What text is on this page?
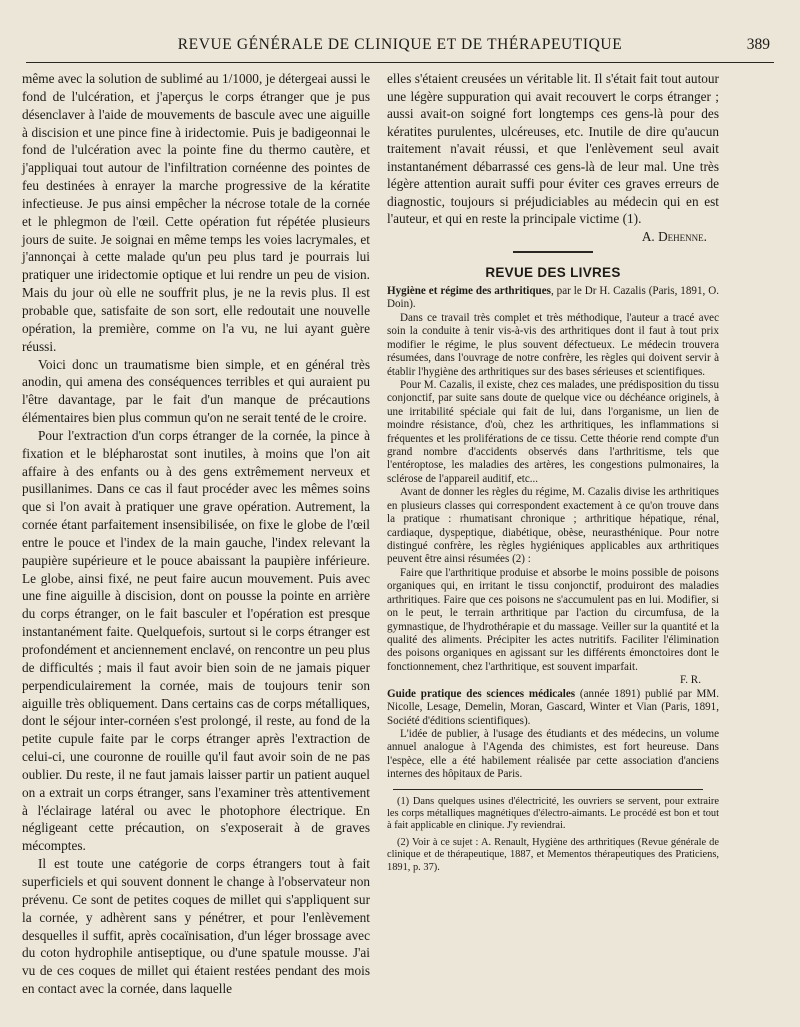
REVUE GÉNÉRALE DE CLINIQUE ET DE THÉRAPEUTIQUE	389

même avec la solution de sublimé au 1/1000, je détergeai aussi le fond de l'ulcération, et j'aperçus le corps étranger que je pus désenclaver à l'aide de mouvements de bascule avec une aiguille à discision et une pince fine à iridectomie. Puis je badigeonnai le fond de l'ulcération avec la pointe fine du thermo cautère, et j'appliquai tout autour de l'infiltration cornéenne des pointes de feu destinées à enrayer la marche progressive de la kératite infectieuse. Je pus ainsi empêcher la nécrose totale de la cornée et le phlegmon de l'œil. Cette opération fut répétée plusieurs jours de suite. Je soignai en même temps les voies lacrymales, et j'annonçai à cette malade qu'un peu plus tard je pourrais lui pratiquer une iridectomie optique et lui rendre un peu de vision. Mais du jour où elle ne souffrit plus, je ne la revis plus. Il est probable que, satisfaite de son sort, elle redoutait une nouvelle opération, la première, comme on l'a vu, ne lui ayant guère réussi.

Voici donc un traumatisme bien simple, et en général très anodin, qui amena des conséquences terribles et qui auraient pu l'être davantage, par le fait d'un manque de précautions élémentaires bien plus commun qu'on ne serait tenté de le croire.

Pour l'extraction d'un corps étranger de la cornée, la pince à fixation et le blépharostat sont inutiles, à moins que l'on ait affaire à des enfants ou à des gens extrêmement nerveux et pusillanimes. Dans ce cas il faut procéder avec les mêmes soins que si l'on avait à pratiquer une grave opération. Autrement, la cornée étant parfaitement insensibilisée, on fixe le globe de l'œil entre le pouce et l'index de la main gauche, l'index relevant la paupière supérieure et le pouce abaissant la paupière inférieure. Le globe, ainsi fixé, ne peut faire aucun mouvement. Puis avec une fine aiguille à discision, dont on pousse la pointe en arrière du corps étranger, on le fait basculer et l'opération est presque instantanément faite. Quelquefois, surtout si le corps étranger est profondément et anciennement enclavé, on rencontre un peu plus de difficultés ; mais il faut avoir bien soin de ne jamais piquer perpendiculairement la cornée, mais de toujours tenir son aiguille très obliquement. Dans certains cas de corps métalliques, dont le séjour inter-cornéen s'est prolongé, il reste, au fond de la petite cupule faite par le corps étranger après l'extraction de celui-ci, une couronne de rouille qu'il faut avoir soin de ne pas oublier. Du reste, il ne faut jamais laisser partir un patient auquel on a extrait un corps étranger, sans l'examiner très attentivement à l'éclairage latéral ou avec le photophore électrique. En négligeant cette précaution, on s'exposerait à de graves mécomptes.

Il est toute une catégorie de corps étrangers tout à fait superficiels et qui souvent donnent le change à l'observateur non prévenu. Ce sont de petites coques de millet qui s'appliquent sur la cornée, y adhèrent sans y pénétrer, et pour l'enlèvement desquelles il suffit, après cocaïnisation, d'un léger brossage avec du coton hydrophile antiseptique, ou d'une spatule mousse. J'ai vu de ces coques de millet qui étaient restées pendant des mois en contact avec la cornée, dans laquelle

elles s'étaient creusées un véritable lit. Il s'était fait tout autour une légère suppuration qui avait recouvert le corps étranger ; aussi avait-on soigné fort longtemps ces gens-là pour des kératites purulentes, ulcéreuses, etc. Inutile de dire qu'aucun traitement n'avait réussi, et que l'enlèvement seul avait instantanément débarrassé ces gens-là de leur mal. Une très légère attention aurait suffi pour éviter ces graves erreurs de diagnostic, toujours si préjudiciables au médecin qui en est l'auteur, et qui en reste la principale victime (1).

A. Dehenne.
REVUE DES LIVRES

Hygiène et régime des arthritiques, par le Dr H. Cazalis (Paris, 1891, O. Doin).

Dans ce travail très complet et très méthodique, l'auteur a tracé avec soin la conduite à tenir vis-à-vis des arthritiques dont il faut à tout prix modifier le régime, le plus souvent défectueux. Le médecin trouvera résumées, dans l'ouvrage de notre confrère, les règles qui doivent servir à établir l'hygiène des arthritiques sur des bases sérieuses et scientifiques.

Pour M. Cazalis, il existe, chez ces malades, une prédisposition du tissu conjonctif, par suite sans doute de quelque vice ou déchéance originels, à une irritabilité spéciale qui fait de lui, dans l'organisme, un lien de moindre résistance, d'où, chez les arthritiques, les inflammations si fréquentes et les proliférations de ce tissu. Cette théorie rend compte d'un grand nombre d'accidents observés dans l'arthritisme, tels que l'entéroptose, les maladies des artères, les congestions pulmonaires, la sclérose de l'appareil auditif, etc...

Avant de donner les règles du régime, M. Cazalis divise les arthritiques en plusieurs classes qui correspondent exactement à ce qu'on trouve dans la pratique : rhumatisant chronique ; arthritique hépatique, rénal, cardiaque, dyspeptique, diabétique, obèse, neurasthénique. Pour notre distingué confrère, les règles hygiéniques applicables aux arthritiques peuvent être ainsi résumées (2) :

Faire que l'arthritique produise et absorbe le moins possible de poisons organiques qui, en irritant le tissu conjonctif, produiront des maladies arthritiques. Faire que ces poisons ne s'accumulent pas en lui. Modifier, si on le peut, le terrain arthritique par l'action du circumfusa, de la gymnastique, de l'hydrothérapie et du massage. Veiller sur la quantité et la qualité des aliments. Précipiter les actes nutritifs. Faciliter l'élimination des poisons organiques en agissant sur les différents émonctoires dont le fonctionnement, chez l'arthritique, est souvent imparfait.

F. R.

Guide pratique des sciences médicales (année 1891) publié par MM. Nicolle, Lesage, Demelin, Moran, Gascard, Winter et Vian (Paris, 1891, Société d'éditions scientifiques).

L'idée de publier, à l'usage des étudiants et des médecins, un volume annuel analogue à l'Agenda des chimistes, est fort heureuse. Dans l'espèce, elle a été habilement réalisée par cette association d'anciens internes des hôpitaux de Paris.

(1) Dans quelques usines d'électricité, les ouvriers se servent, pour extraire les corps métalliques magnétiques d'électro-aimants. Le procédé est bon et tout à fait applicable en clinique. J'y reviendrai.

(2) Voir à ce sujet : A. Renault, Hygiène des arthritiques (Revue générale de clinique et de thérapeutique, 1887, et Mementos thérapeutiques des Praticiens, 1891, p. 37).
